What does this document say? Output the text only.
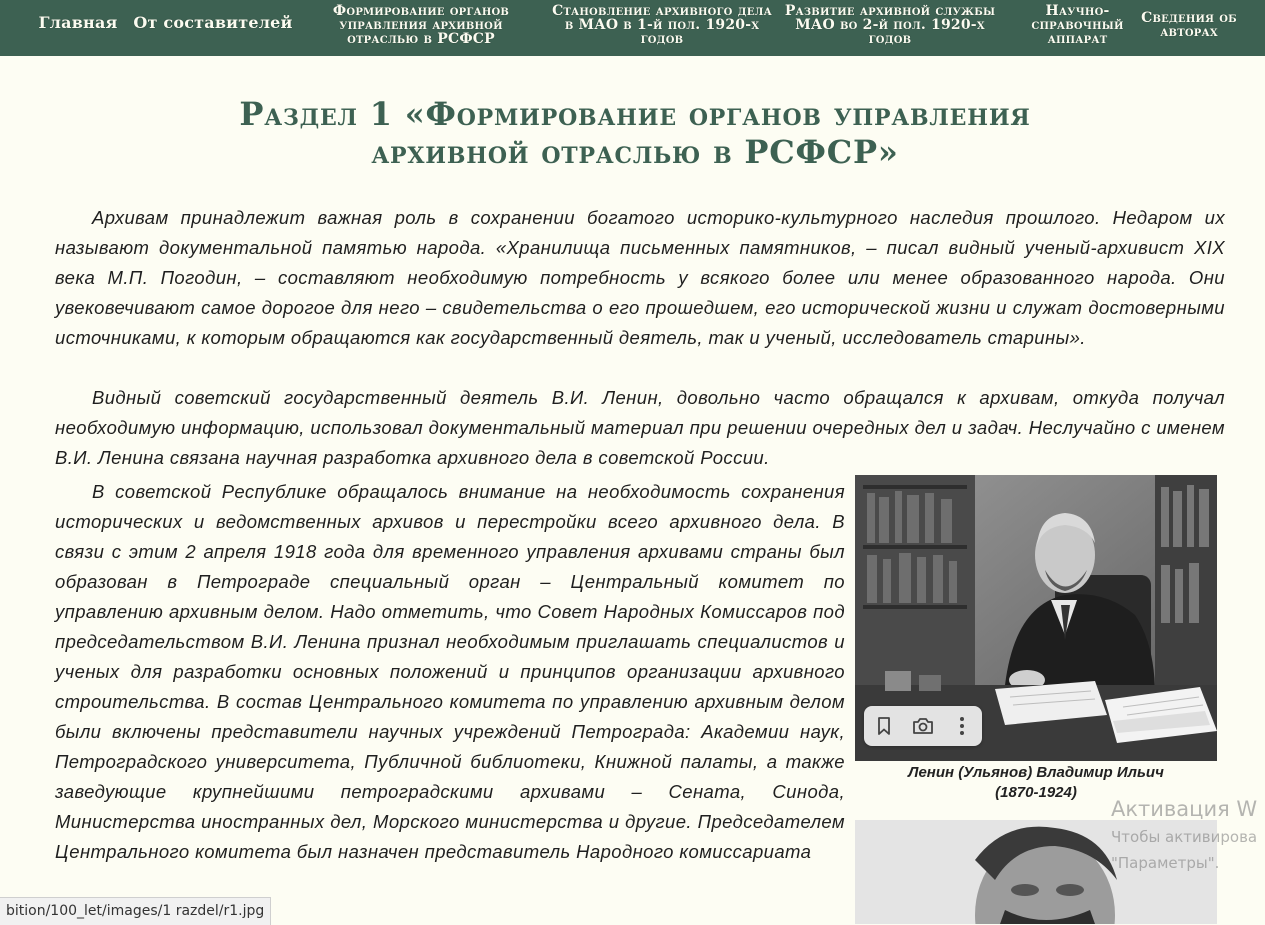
Главная От составителей
Формирование органов управления архивной отраслью в РСФСР
Становление архивного дела в МАО в 1-й пол. 1920-х годов
Развитие архивной службы МАО во 2-й пол. 1920-х годов
Научно-справочный аппарат
Сведения об авторах
Раздел 1 «Формирование органов управления
архивной отраслью в РСФСР»

Архивам принадлежит важная роль в сохранении богатого историко-культурного наследия прошлого. Недаром их называют документальной памятью народа. «Хранилища письменных памятников, – писал видный ученый-архивист XIX века М.П. Погодин, – составляют необходимую потребность у всякого более или менее образованного народа. Они увековечивают самое дорогое для него – свидетельства о его прошедшем, его исторической жизни и служат достоверными источниками, к которым обращаются как государственный деятель, так и ученый, исследователь старины».

Видный советский государственный деятель В.И. Ленин, довольно часто обращался к архивам, откуда получал необходимую информацию, использовал документальный материал при решении очередных дел и задач. Неслучайно с именем В.И. Ленина связана научная разработка архивного дела в советской России.

В советской Республике обращалось внимание на необходимость сохранения исторических и ведомственных архивов и перестройки всего архивного дела. В связи с этим 2 апреля 1918 года для временного управления архивами страны был образован в Петрограде специальный орган – Центральный комитет по управлению архивным делом. Надо отметить, что Совет Народных Комиссаров под председательством В.И. Ленина признал необходимым приглашать специалистов и ученых для разработки основных положений и принципов организации архивного строительства. В состав Центрального комитета по управлению архивным делом были включены представители научных учреждений Петрограда: Академии наук, Петроградского университета, Публичной библиотеки, Книжной палаты, а также заведующие крупнейшими петроградскими архивами – Сената, Синода, Министерства иностранных дел, Морского министерства и другие. Председателем Центрального комитета был назначен представитель Народного комиссариата

Ленин (Ульянов) Владимир Ильич
(1870-1924)
Активация W
Чтобы активирова
"Параметры".
bition/100_let/images/1 razdel/r1.jpg
